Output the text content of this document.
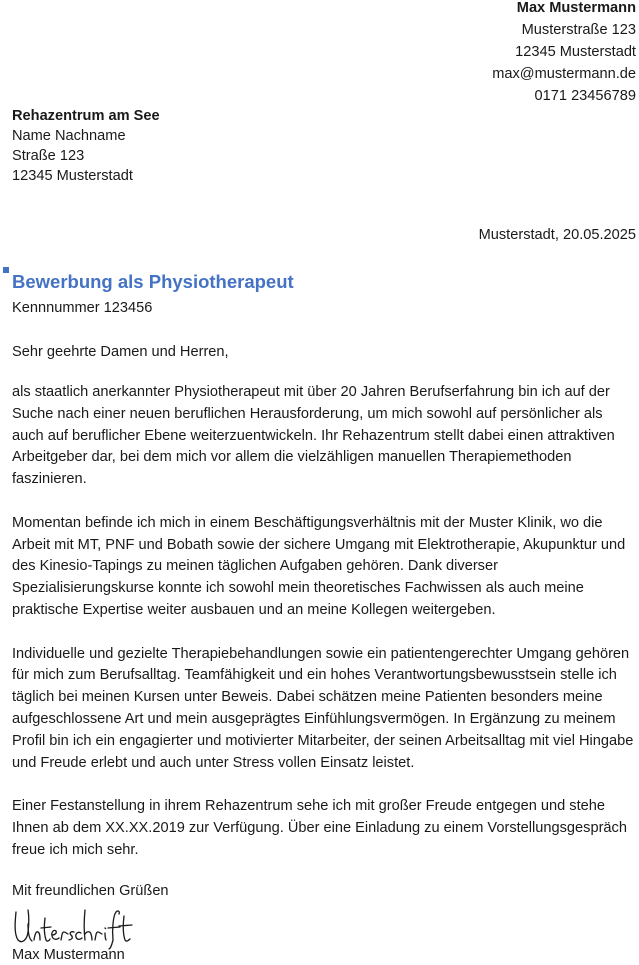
Max Mustermann
Musterstraße 123
12345 Musterstadt
max@mustermann.de
0171 23456789
Rehazentrum am See
Name Nachname
Straße 123
12345 Musterstadt
Musterstadt, 20.05.2025
Bewerbung als Physiotherapeut
Kennnummer 123456
Sehr geehrte Damen und Herren,

als staatlich anerkannter Physiotherapeut mit über 20 Jahren Berufserfahrung bin ich auf der Suche nach einer neuen beruflichen Herausforderung, um mich sowohl auf persönlicher als auch auf beruflicher Ebene weiterzuentwickeln. Ihr Rehazentrum stellt dabei einen attraktiven Arbeitgeber dar, bei dem mich vor allem die vielzähligen manuellen Therapiemethoden faszinieren.

Momentan befinde ich mich in einem Beschäftigungsverhältnis mit der Muster Klinik, wo die Arbeit mit MT, PNF und Bobath sowie der sichere Umgang mit Elektrotherapie, Akupunktur und des Kinesio-Tapings zu meinen täglichen Aufgaben gehören. Dank diverser Spezialisierungskurse konnte ich sowohl mein theoretisches Fachwissen als auch meine praktische Expertise weiter ausbauen und an meine Kollegen weitergeben.

Individuelle und gezielte Therapiebehandlungen sowie ein patientengerechter Umgang gehören für mich zum Berufsalltag. Teamfähigkeit und ein hohes Verantwortungsbewusstsein stelle ich täglich bei meinen Kursen unter Beweis. Dabei schätzen meine Patienten besonders meine aufgeschlossene Art und mein ausgeprägtes Einfühlungsvermögen. In Ergänzung zu meinem Profil bin ich ein engagierter und motivierter Mitarbeiter, der seinen Arbeitsalltag mit viel Hingabe und Freude erlebt und auch unter Stress vollen Einsatz leistet.

Einer Festanstellung in ihrem Rehazentrum sehe ich mit großer Freude entgegen und stehe Ihnen ab dem XX.XX.2019 zur Verfügung. Über eine Einladung zu einem Vorstellungsgespräch freue ich mich sehr.

Mit freundlichen Grüßen
Max Mustermann
